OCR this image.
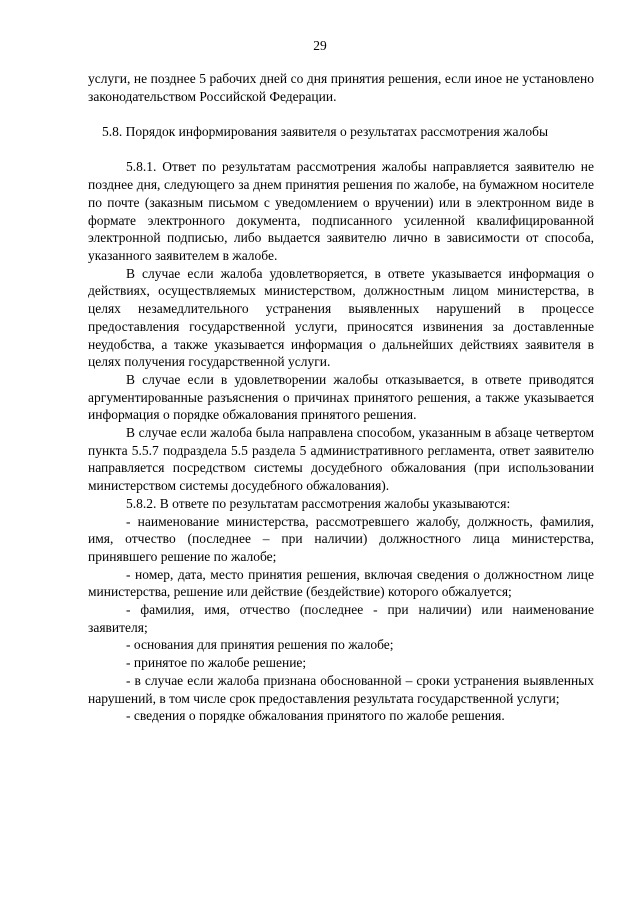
29

услуги, не позднее 5 рабочих дней со дня принятия решения, если иное не установлено законодательством Российской Федерации.

5.8. Порядок информирования заявителя о результатах рассмотрения жалобы

5.8.1. Ответ по результатам рассмотрения жалобы направляется заявителю не позднее дня, следующего за днем принятия решения по жалобе, на бумажном носителе по почте (заказным письмом с уведомлением о вручении) или в электронном виде в формате электронного документа, подписанного усиленной квалифицированной электронной подписью, либо выдается заявителю лично в зависимости от способа, указанного заявителем в жалобе.

В случае если жалоба удовлетворяется, в ответе указывается информация о действиях, осуществляемых министерством, должностным лицом министерства, в целях незамедлительного устранения выявленных нарушений в процессе предоставления государственной услуги, приносятся извинения за доставленные неудобства, а также указывается информация о дальнейших действиях заявителя в целях получения государственной услуги.

В случае если в удовлетворении жалобы отказывается, в ответе приводятся аргументированные разъяснения о причинах принятого решения, а также указывается информация о порядке обжалования принятого решения.

В случае если жалоба была направлена способом, указанным в абзаце четвертом пункта 5.5.7 подраздела 5.5 раздела 5 административного регламента, ответ заявителю направляется посредством системы досудебного обжалования (при использовании министерством системы досудебного обжалования).

5.8.2. В ответе по результатам рассмотрения жалобы указываются:

- наименование министерства, рассмотревшего жалобу, должность, фамилия, имя, отчество (последнее – при наличии) должностного лица министерства, принявшего решение по жалобе;

- номер, дата, место принятия решения, включая сведения о должностном лице министерства, решение или действие (бездействие) которого обжалуется;

- фамилия, имя, отчество (последнее - при наличии) или наименование заявителя;

- основания для принятия решения по жалобе;

- принятое по жалобе решение;

- в случае если жалоба признана обоснованной – сроки устранения выявленных нарушений, в том числе срок предоставления результата государственной услуги;

- сведения о порядке обжалования принятого по жалобе решения.
